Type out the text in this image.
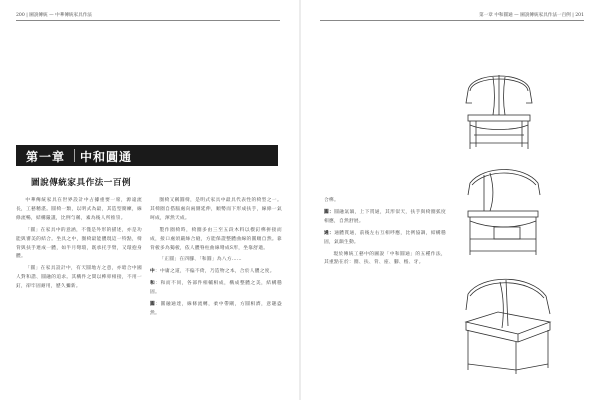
200 | 圖說傳統 — 中華傳統家具作法
第一章 中和圓通
圖說傳統家具作法一百例

中華傳統家具在世界設計中占據重要一席，源遠流長，工藝精湛。圓椅一類，以明式為最，其造型簡練，線條流暢，結構嚴謹，比例勻稱，素為後人所推崇。

「圓」在家具中的意涵，不僅是外形的描述，亦是功能與審美的結合。坐具之中，圈椅最能體現這一特點，椅背與扶手連成一體，如半月彎環，既承托手臂，又環抱身體。

「圓」在家具設計中，有天圓地方之意，亦暗合中國人對和諧、圓融的追求。其構件之間以榫卯相接，不用一釘，卻牢固耐用，歷久彌新。

圈椅又稱圓椅，是明式家具中最具代表性的椅型之一。其椅圈自搭腦處向兩側延伸，順勢而下形成扶手，線條一氣呵成，渾然天成。

製作圈椅時，椅圈多由三至五段木料以楔釘榫拼接而成，接口處須嚴絲合縫，方能保證整體曲線的圓順自然。靠背板多為獨板，依人體脊柱曲線彎成S形，坐靠舒適。

「正圓」在四腳、「和圓」為八方……

中：中庸之道，不偏不倚，乃造物之本，合於人體之度。
和：和而不同，各部件相輔相成，構成整體之美，結構穩固。
圓：圓融通達，線條流轉，柔中帶剛，方圓相濟，意趣盎然。
第一章 中和圓通 — 圖說傳統家具作法一百例 | 201
合榫。
圓：圓融氣韻，上下貫通，其形似天，扶手與椅圈弧度相應，自然舒展。
通：通體貫通，前後左右互相呼應，比例協調，結構穩固，氣韻生動。

現於傳統工藝中的圖說「中和圓通」的五種作法，其重點在於：圈、扶、背、座、腳、棖、牙。
